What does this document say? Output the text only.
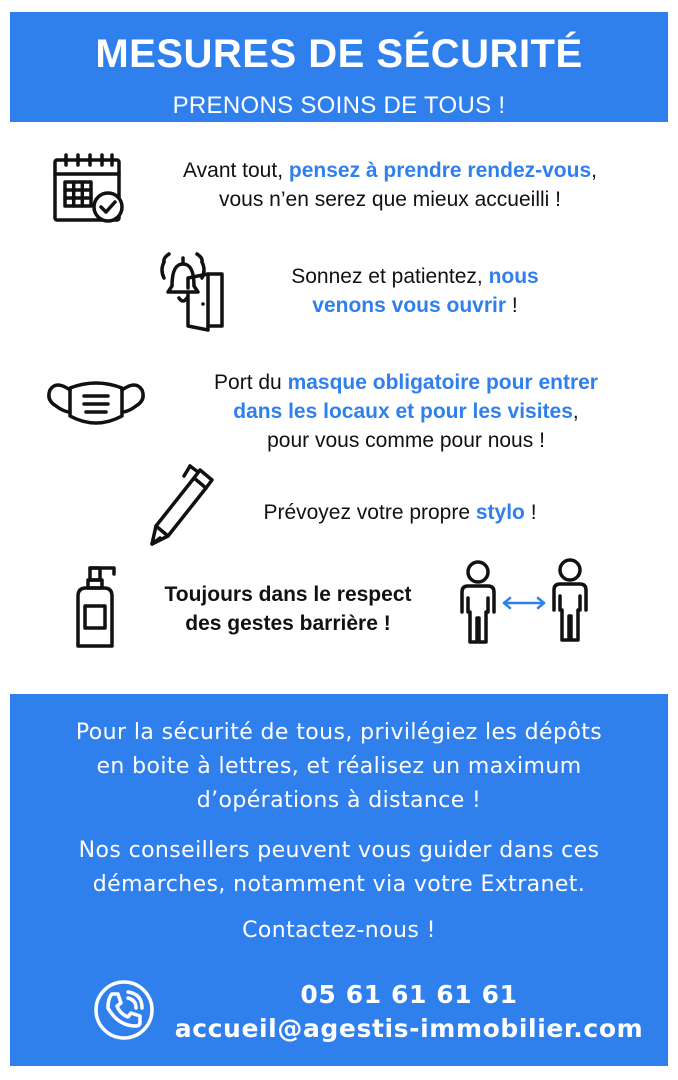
MESURES DE SÉCURITÉ
PRENONS SOINS DE TOUS !
Avant tout, pensez à prendre rendez-vous,
vous n’en serez que mieux accueilli !
Sonnez et patientez, nous
venons vous ouvrir !
Port du masque obligatoire pour entrer
dans les locaux et pour les visites,
pour vous comme pour nous !
Prévoyez votre propre stylo !
Toujours dans le respect
des gestes barrière !

Pour la sécurité de tous, privilégiez les dépôts
en boite à lettres, et réalisez un maximum
d’opérations à distance !

Nos conseillers peuvent vous guider dans ces
démarches, notamment via votre Extranet.

Contactez-nous !

05 61 61 61 61
accueil@agestis-immobilier.com
